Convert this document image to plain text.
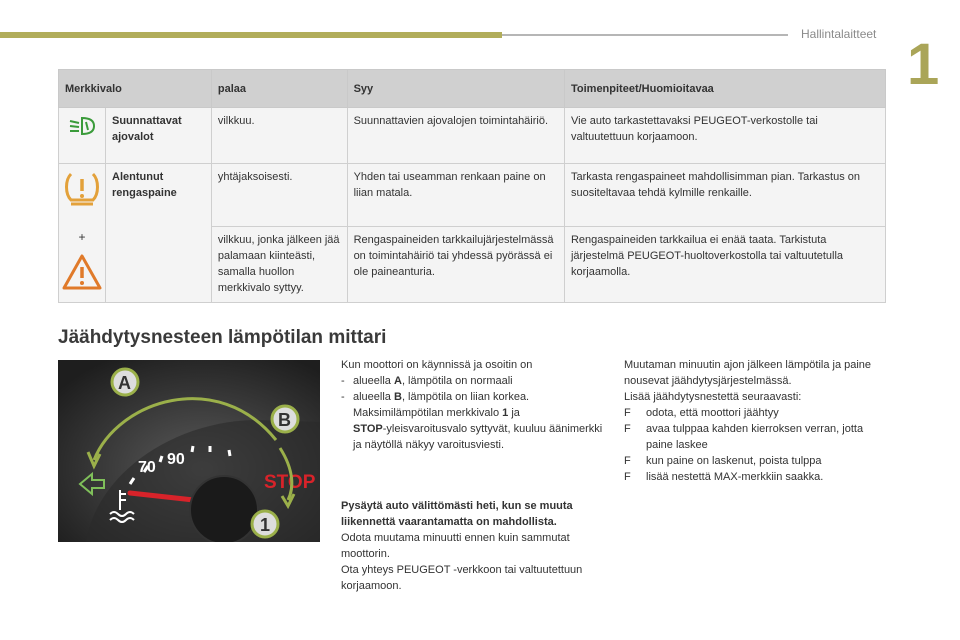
Hallintalaitteet 1
Merkkivalo		palaa	Syy	Toimenpiteet/Huomioitavaa
	Suunnattavat ajovalot	vilkkuu.	Suunnattavien ajovalojen toimintahäiriö.	Vie auto tarkastettavaksi PEUGEOT-verkostolle tai valtuutettuun korjaamoon.

+	Alentunut rengaspaine	yhtäjaksoisesti.	Yhden tai useamman renkaan paine on liian matala.	Tarkasta rengaspaineet mahdollisimman pian. Tarkastus on suositeltavaa tehdä kylmille renkaille.
		vilkkuu, jonka jälkeen jää palamaan kiinteästi, samalla huollon merkkivalo syttyy.	Rengaspaineiden tarkkailujärjestelmässä on toimintahäiriö tai yhdessä pyörässä ei ole paineanturia.	Rengaspaineiden tarkkailua ei enää taata. Tarkistuta järjestelmä PEUGEOT-huoltoverkostolla tai valtuutetulla korjaamolla.
Jäähdytysnesteen lämpötilan mittari
70 90
STOP
A
B
1

Kun moottori on käynnissä ja osoitin on

- alueella A, lämpötila on normaali
- alueella B, lämpötila on liian korkea.
Maksimilämpötilan merkkivalo 1 ja
STOP-yleisvaroitusvalo syttyvät, kuuluu äänimerkki ja näytöllä näkyy varoitusviesti.

Pysäytä auto välittömästi heti, kun se muuta liikennettä vaarantamatta on mahdollista.

Odota muutama minuutti ennen kuin sammutat moottorin.

Ota yhteys PEUGEOT -verkkoon tai valtuutettuun korjaamoon.

Muutaman minuutin ajon jälkeen lämpötila ja paine nousevat jäähdytysjärjestelmässä.

Lisää jäähdytysnestettä seuraavasti:

F odota, että moottori jäähtyy
F avaa tulppaa kahden kierroksen verran, jotta paine laskee
F kun paine on laskenut, poista tulppa
F lisää nestettä MAX-merkkiin saakka.
